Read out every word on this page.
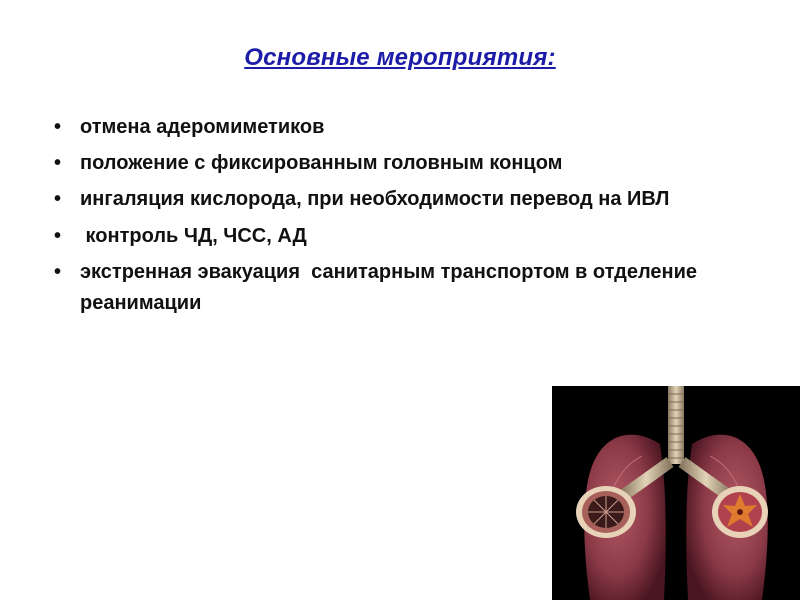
Основные мероприятия:
• отмена адеромиметиков
• положение с фиксированным головным концом
• ингаляция кислорода, при необходимости перевод на ИВЛ
• контроль ЧД, ЧСС, АД
• экстренная эвакуация  санитарным транспортом в отделение реанимации
